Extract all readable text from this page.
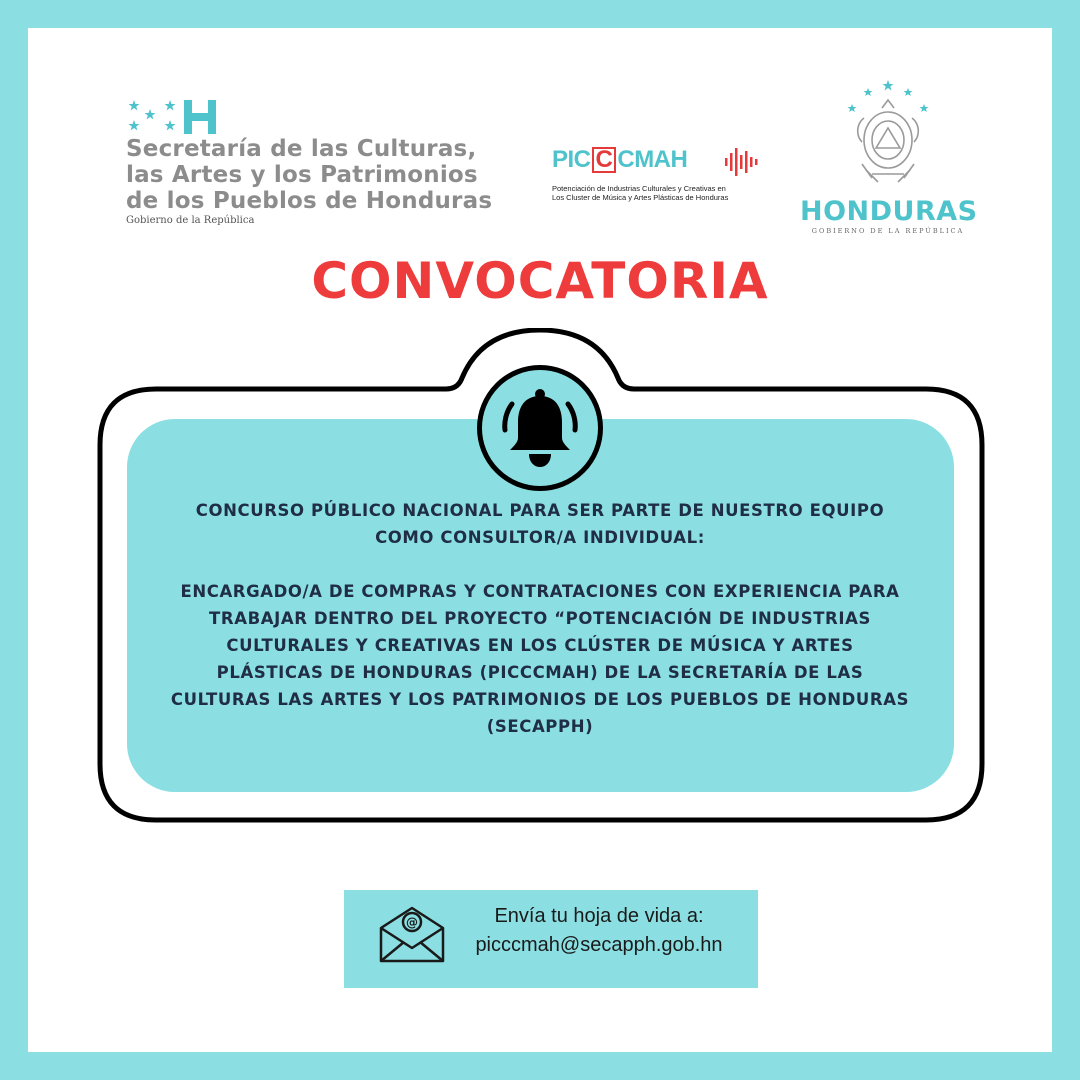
Secretaría de las Culturas,
las Artes y los Patrimonios
de los Pueblos de Honduras
Gobierno de la República
PIC C CMAH
Potenciación de Industrias Culturales y Creativas en
Los Cluster de Música y Artes Plásticas de Honduras	HONDURAS
GOBIERNO DE LA REPÚBLICA
CONVOCATORIA

CONCURSO PÚBLICO NACIONAL PARA SER PARTE DE NUESTRO EQUIPO

COMO CONSULTOR/A INDIVIDUAL:

ENCARGADO/A DE COMPRAS Y CONTRATACIONES CON EXPERIENCIA PARA

TRABAJAR DENTRO DEL PROYECTO “POTENCIACIÓN DE INDUSTRIAS

CULTURALES Y CREATIVAS EN LOS CLÚSTER DE MÚSICA Y ARTES

PLÁSTICAS DE HONDURAS (PICCCMAH) DE LA SECRETARÍA DE LAS

CULTURAS LAS ARTES Y LOS PATRIMONIOS DE LOS PUEBLOS DE HONDURAS

(SECAPPH)

@	Envía tu hoja de vida a:
picccmah@secapph.gob.hn
